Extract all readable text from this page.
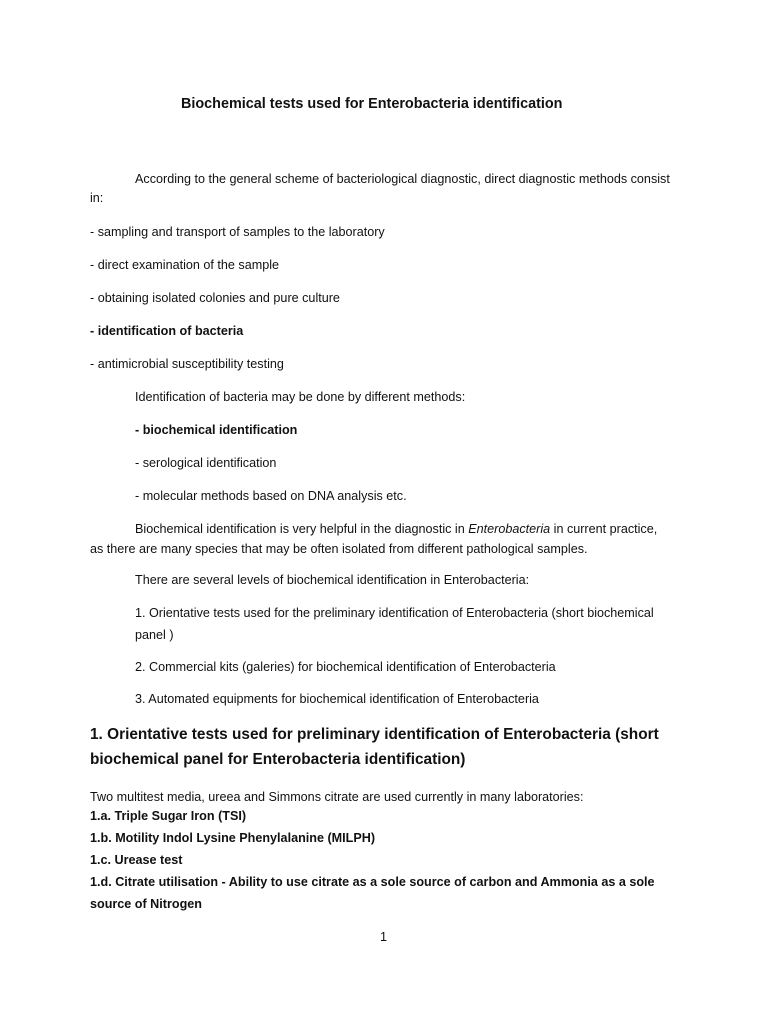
Biochemical tests used for Enterobacteria identification
According to the general scheme of bacteriological diagnostic, direct diagnostic methods consist
in:
- sampling and transport of samples to the laboratory
- direct examination of the sample
- obtaining isolated colonies and pure culture
- identification of bacteria
- antimicrobial susceptibility testing
Identification of bacteria may be done by different methods:
- biochemical identification
- serological identification
- molecular methods based on DNA analysis etc.
Biochemical identification is very helpful in the diagnostic in Enterobacteria in current practice,
as there are many species that may be often isolated from different pathological samples.
There are several levels of biochemical identification in Enterobacteria:
1. Orientative tests used for the preliminary identification of Enterobacteria (short biochemical
panel )
2. Commercial kits (galeries) for biochemical identification of Enterobacteria
3. Automated equipments for biochemical identification of Enterobacteria
1. Orientative tests used for preliminary identification of Enterobacteria (short
biochemical panel for Enterobacteria identification)
Two multitest media, ureea and Simmons citrate are used currently in many laboratories:
1.a. Triple Sugar Iron (TSI)
1.b. Motility Indol Lysine Phenylalanine (MILPH)
1.c. Urease test
1.d. Citrate utilisation - Ability to use citrate as a sole source of carbon and Ammonia as a sole
source of Nitrogen
1
